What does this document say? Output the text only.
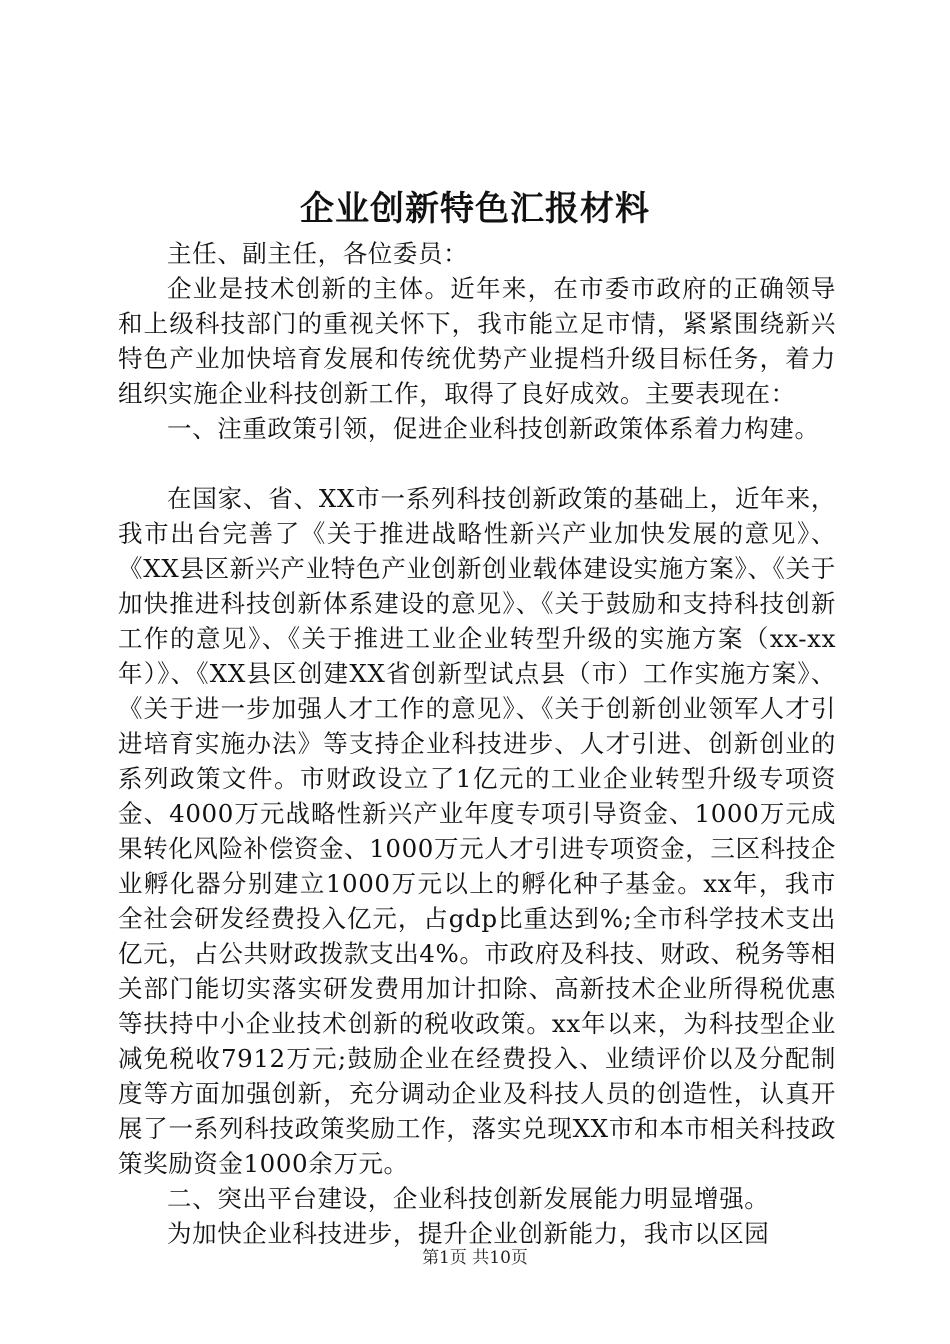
企业创新特色汇报材料

主任、副主任，各位委员：

企业是技术创新的主体。近年来，在市委市政府的正确领导和上级科技部门的重视关怀下，我市能立足市情，紧紧围绕新兴特色产业加快培育发展和传统优势产业提档升级目标任务，着力组织实施企业科技创新工作，取得了良好成效。主要表现在：

一、注重政策引领，促进企业科技创新政策体系着力构建。

在国家、省、XX市一系列科技创新政策的基础上，近年来，我市出台完善了《关于推进战略性新兴产业加快发展的意见》、《XX县区新兴产业特色产业创新创业载体建设实施方案》、《关于加快推进科技创新体系建设的意见》、《关于鼓励和支持科技创新工作的意见》、《关于推进工业企业转型升级的实施方案（xx-xx年）》、《XX县区创建XX省创新型试点县（市）工作实施方案》、《关于进一步加强人才工作的意见》、《关于创新创业领军人才引进培育实施办法》等支持企业科技进步、人才引进、创新创业的系列政策文件。市财政设立了1亿元的工业企业转型升级专项资金、4000万元战略性新兴产业年度专项引导资金、1000万元成果转化风险补偿资金、1000万元人才引进专项资金，三区科技企业孵化器分别建立1000万元以上的孵化种子基金。xx年，我市全社会研发经费投入亿元，占gdp比重达到%;全市科学技术支出亿元，占公共财政拨款支出4%。市政府及科技、财政、税务等相关部门能切实落实研发费用加计扣除、高新技术企业所得税优惠等扶持中小企业技术创新的税收政策。xx年以来，为科技型企业减免税收7912万元;鼓励企业在经费投入、业绩评价以及分配制度等方面加强创新，充分调动企业及科技人员的创造性，认真开展了一系列科技政策奖励工作，落实兑现XX市和本市相关科技政策奖励资金1000余万元。

二、突出平台建设，企业科技创新发展能力明显增强。

为加快企业科技进步，提升企业创新能力，我市以区园

第1页 共10页
